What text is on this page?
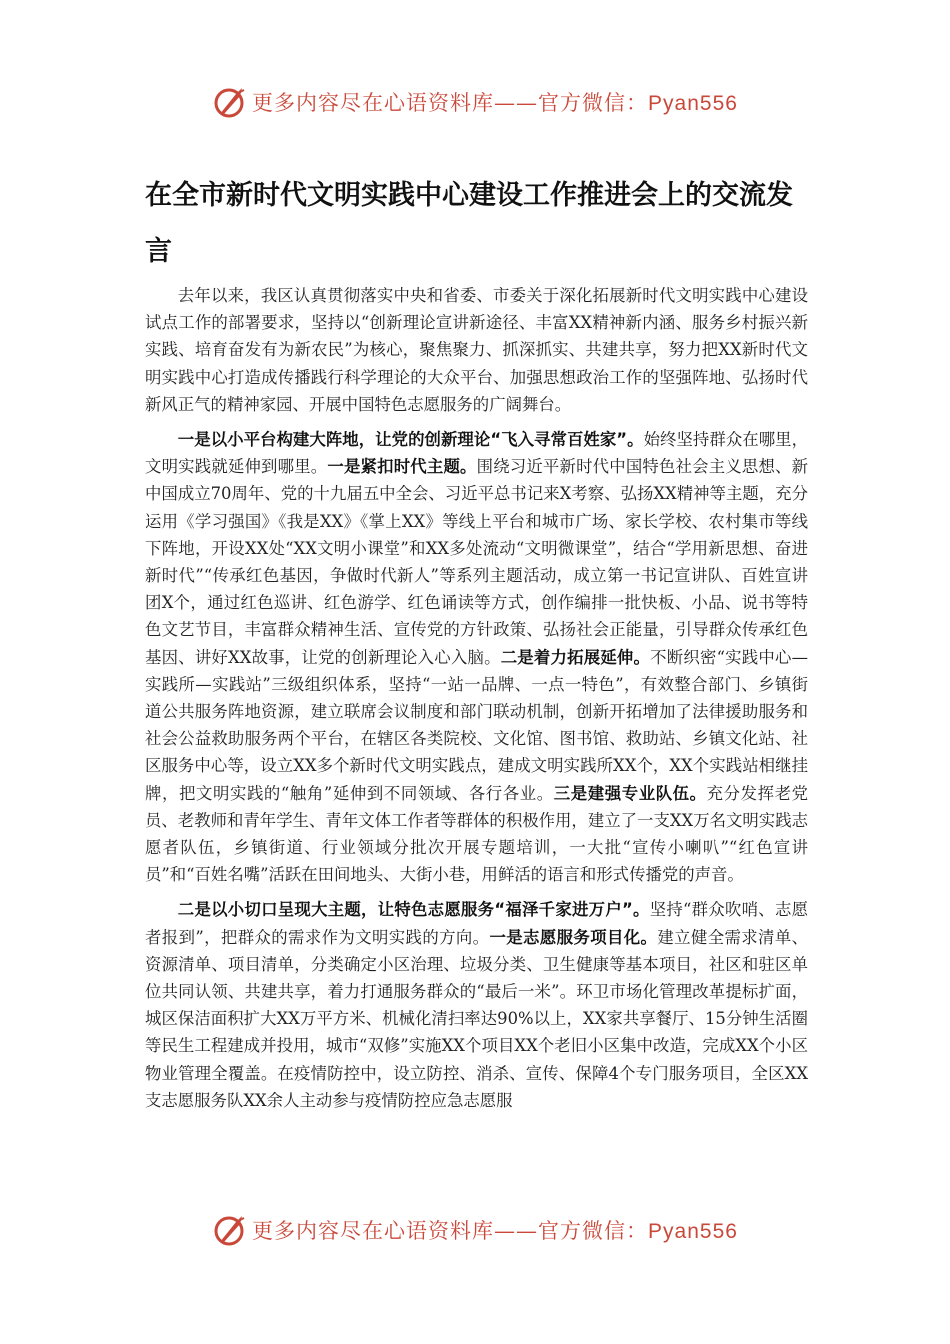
更多内容尽在心语资料库——官方微信：Pyan556
在全市新时代文明实践中心建设工作推进会上的交流发言

去年以来，我区认真贯彻落实中央和省委、市委关于深化拓展新时代文明实践中心建设试点工作的部署要求，坚持以“创新理论宣讲新途径、丰富XX精神新内涵、服务乡村振兴新实践、培育奋发有为新农民”为核心，聚焦聚力、抓深抓实、共建共享，努力把XX新时代文明实践中心打造成传播践行科学理论的大众平台、加强思想政治工作的坚强阵地、弘扬时代新风正气的精神家园、开展中国特色志愿服务的广阔舞台。

一是以小平台构建大阵地，让党的创新理论“飞入寻常百姓家”。始终坚持群众在哪里，文明实践就延伸到哪里。一是紧扣时代主题。围绕习近平新时代中国特色社会主义思想、新中国成立70周年、党的十九届五中全会、习近平总书记来X考察、弘扬XX精神等主题，充分运用《学习强国》《我是XX》《掌上XX》等线上平台和城市广场、家长学校、农村集市等线下阵地，开设XX处“XX文明小课堂”和XX多处流动“文明微课堂”，结合“学用新思想、奋进新时代”“传承红色基因，争做时代新人”等系列主题活动，成立第一书记宣讲队、百姓宣讲团X个，通过红色巡讲、红色游学、红色诵读等方式，创作编排一批快板、小品、说书等特色文艺节目，丰富群众精神生活、宣传党的方针政策、弘扬社会正能量，引导群众传承红色基因、讲好XX故事，让党的创新理论入心入脑。二是着力拓展延伸。不断织密“实践中心—实践所—实践站”三级组织体系，坚持“一站一品牌、一点一特色”，有效整合部门、乡镇街道公共服务阵地资源，建立联席会议制度和部门联动机制，创新开拓增加了法律援助服务和社会公益救助服务两个平台，在辖区各类院校、文化馆、图书馆、救助站、乡镇文化站、社区服务中心等，设立XX多个新时代文明实践点，建成文明实践所XX个，XX个实践站相继挂牌，把文明实践的“触角”延伸到不同领域、各行各业。三是建强专业队伍。充分发挥老党员、老教师和青年学生、青年文体工作者等群体的积极作用，建立了一支XX万名文明实践志愿者队伍，乡镇街道、行业领域分批次开展专题培训，一大批“宣传小喇叭”“红色宣讲员”和“百姓名嘴”活跃在田间地头、大街小巷，用鲜活的语言和形式传播党的声音。

二是以小切口呈现大主题，让特色志愿服务“福泽千家进万户”。坚持“群众吹哨、志愿者报到”，把群众的需求作为文明实践的方向。一是志愿服务项目化。建立健全需求清单、资源清单、项目清单，分类确定小区治理、垃圾分类、卫生健康等基本项目，社区和驻区单位共同认领、共建共享，着力打通服务群众的“最后一米”。环卫市场化管理改革提标扩面，城区保洁面积扩大XX万平方米、机械化清扫率达90%以上，XX家共享餐厅、15分钟生活圈等民生工程建成并投用，城市“双修”实施XX个项目XX个老旧小区集中改造，完成XX个小区物业管理全覆盖。在疫情防控中，设立防控、消杀、宣传、保障4个专门服务项目，全区XX支志愿服务队XX余人主动参与疫情防控应急志愿服

更多内容尽在心语资料库——官方微信：Pyan556
